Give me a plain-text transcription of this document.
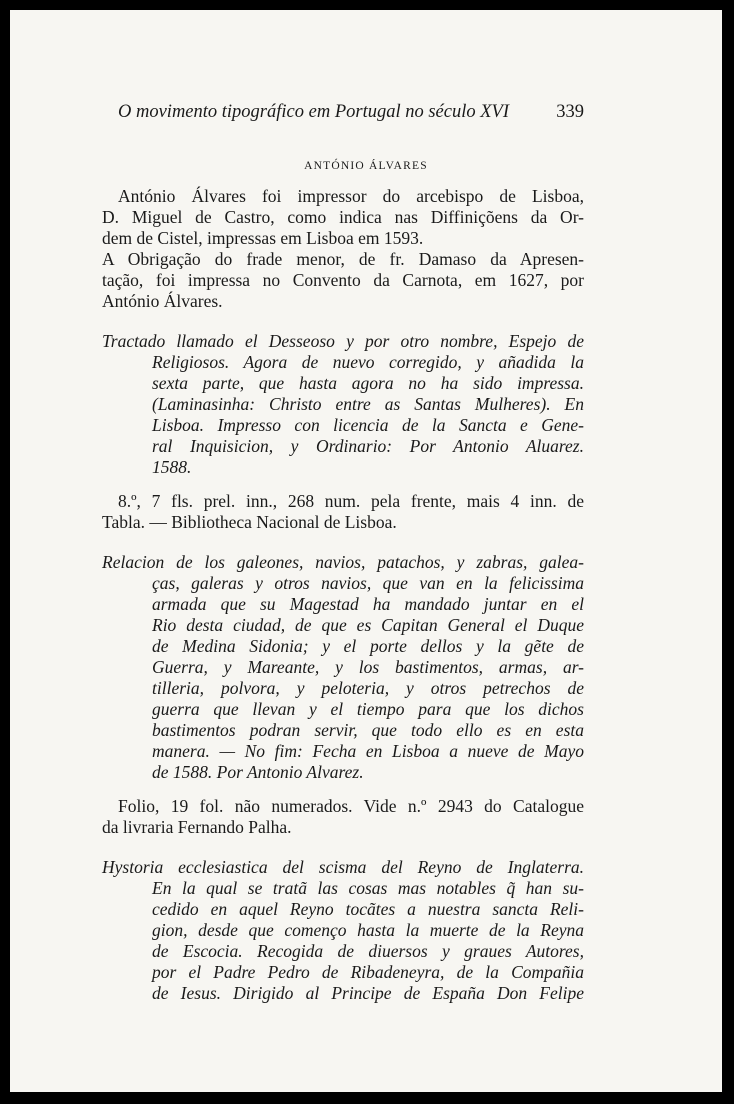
O movimento tipográfico em Portugal no século XVI	339
ANTÓNIO ÁLVARES
António Álvares foi impressor do arcebispo de Lisboa,
D. Miguel de Castro, como indica nas Diffiniçõens da Or-
dem de Cistel, impressas em Lisboa em 1593.
A Obrigação do frade menor, de fr. Damaso da Apresen-
tação, foi impressa no Convento da Carnota, em 1627, por
António Álvares.
Tractado llamado el Desseoso y por otro nombre, Espejo de
Religiosos. Agora de nuevo corregido, y añadida la
sexta parte, que hasta agora no ha sido impressa.
(Laminasinha: Christo entre as Santas Mulheres). En
Lisboa. Impresso con licencia de la Sancta e Gene-
ral Inquisicion, y Ordinario: Por Antonio Aluarez.
1588.
8.º, 7 fls. prel. inn., 268 num. pela frente, mais 4 inn. de
Tabla. — Bibliotheca Nacional de Lisboa.
Relacion de los galeones, navios, patachos, y zabras, galea-
ças, galeras y otros navios, que van en la felicissima
armada que su Magestad ha mandado juntar en el
Rio desta ciudad, de que es Capitan General el Duque
de Medina Sidonia; y el porte dellos y la gẽte de
Guerra, y Mareante, y los bastimentos, armas, ar-
tilleria, polvora, y peloteria, y otros petrechos de
guerra que llevan y el tiempo para que los dichos
bastimentos podran servir, que todo ello es en esta
manera. — No fim: Fecha en Lisboa a nueve de Mayo
de 1588. Por Antonio Alvarez.
Folio, 19 fol. não numerados. Vide n.º 2943 do Catalogue
da livraria Fernando Palha.
Hystoria ecclesiastica del scisma del Reyno de Inglaterra.
En la qual se tratã las cosas mas notables q̃ han su-
cedido en aquel Reyno tocãtes a nuestra sancta Reli-
gion, desde que començo hasta la muerte de la Reyna
de Escocia. Recogida de diuersos y graues Autores,
por el Padre Pedro de Ribadeneyra, de la Compañia
de Iesus. Dirigido al Principe de España Don Felipe
